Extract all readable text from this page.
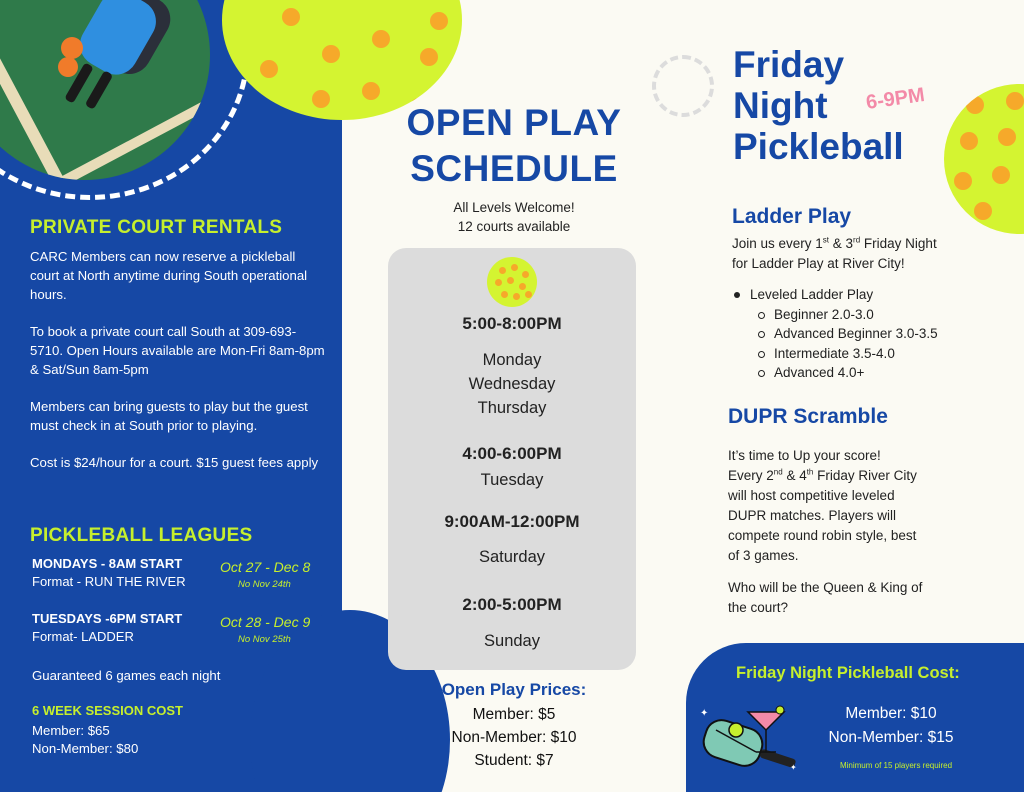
PRIVATE COURT RENTALS

CARC Members can now reserve a pickleball court at North anytime during South operational hours.

To book a private court call South at 309-693-5710. Open Hours available are Mon-Fri 8am-8pm & Sat/Sun 8am-5pm

Members can bring guests to play but the guest must check in at South prior to playing.

Cost is $24/hour for a court. $15 guest fees apply

PICKLEBALL LEAGUES
MONDAYS - 8AM START
Format - RUN THE RIVER
Oct 27 - Dec 8
No Nov 24th
TUESDAYS -6PM START
Format- LADDER
Oct 28 - Dec 9
No Nov 25th
Guaranteed 6 games each night
6 WEEK SESSION COST
Member: $65
Non-Member: $80
OPEN PLAY
SCHEDULE
All Levels Welcome!
12 courts available
5:00-8:00PM
Monday
Wednesday
Thursday
4:00-6:00PM
Tuesday
9:00AM-12:00PM
Saturday
2:00-5:00PM
Sunday
Open Play Prices:
Member: $5
Non-Member: $10
Student: $7
Friday
Night
Pickleball
6-9PM
Ladder Play
Join us every 1st & 3rd Friday Night
for Ladder Play at River City!
Leveled Ladder Play
Beginner 2.0-3.0
Advanced Beginner 3.0-3.5
Intermediate 3.5-4.0
Advanced 4.0+
DUPR Scramble
It’s time to Up your score!
Every 2nd & 4th Friday River City
will host competitive leveled
DUPR matches. Players will
compete round robin style, best
of 3 games.
Who will be the Queen & King of
the court?
Friday Night Pickleball Cost:
Member: $10
Non-Member: $15
Minimum of 15 players required
✦
✦
